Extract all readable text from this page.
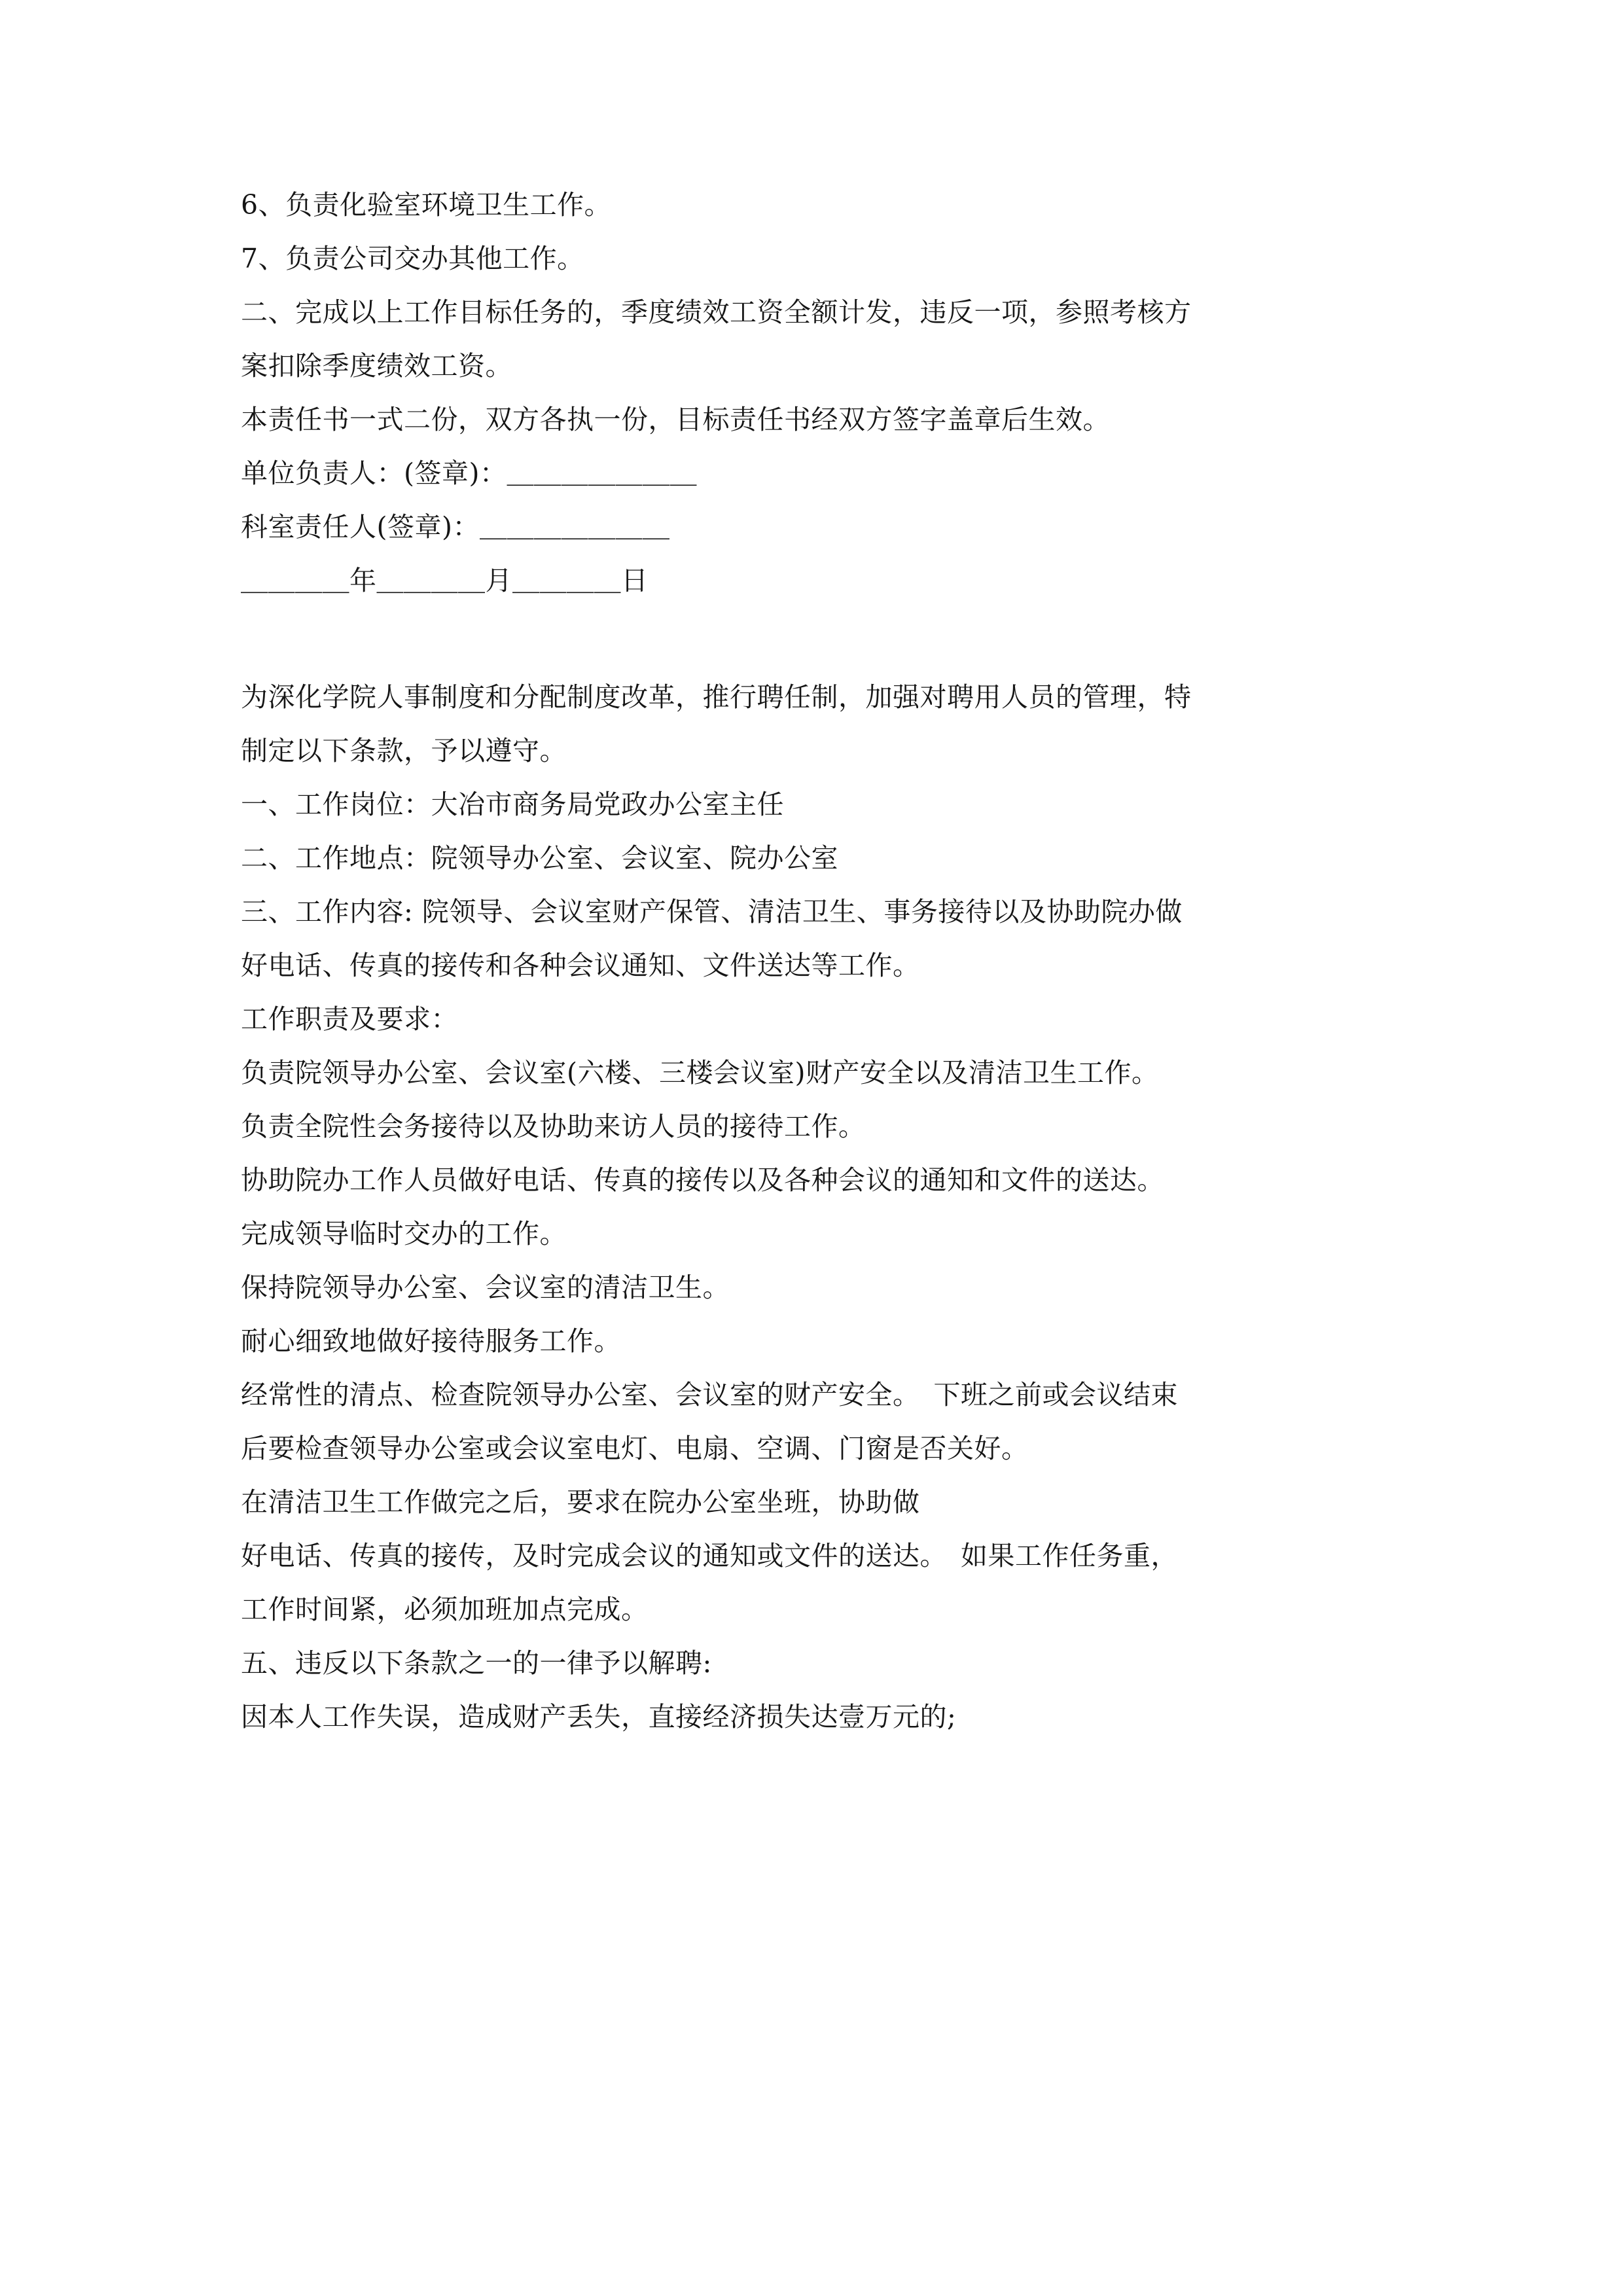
6、负责化验室环境卫生工作。
7、负责公司交办其他工作。
二、完成以上工作目标任务的，季度绩效工资全额计发，违反一项，参照考核方
案扣除季度绩效工资。
本责任书一式二份，双方各执一份，目标责任书经双方签字盖章后生效。
单位负责人：(签章)：＿＿＿＿＿＿＿
科室责任人(签章)：＿＿＿＿＿＿＿
＿＿＿＿年＿＿＿＿月＿＿＿＿日
为深化学院人事制度和分配制度改革，推行聘任制，加强对聘用人员的管理，特
制定以下条款，予以遵守。
一、工作岗位：大冶市商务局党政办公室主任
二、工作地点：院领导办公室、会议室、院办公室
三、工作内容: 院领导、会议室财产保管、清洁卫生、事务接待以及协助院办做
好电话、传真的接传和各种会议通知、文件送达等工作。
工作职责及要求：
负责院领导办公室、会议室(六楼、三楼会议室)财产安全以及清洁卫生工作。
负责全院性会务接待以及协助来访人员的接待工作。
协助院办工作人员做好电话、传真的接传以及各种会议的通知和文件的送达。
完成领导临时交办的工作。
保持院领导办公室、会议室的清洁卫生。
耐心细致地做好接待服务工作。
经常性的清点、检查院领导办公室、会议室的财产安全。　下班之前或会议结束
后要检查领导办公室或会议室电灯、电扇、空调、门窗是否关好。
在清洁卫生工作做完之后，要求在院办公室坐班，协助做
好电话、传真的接传，及时完成会议的通知或文件的送达。　如果工作任务重，
工作时间紧，必须加班加点完成。
五、违反以下条款之一的一律予以解聘:
因本人工作失误，造成财产丢失，直接经济损失达壹万元的;
